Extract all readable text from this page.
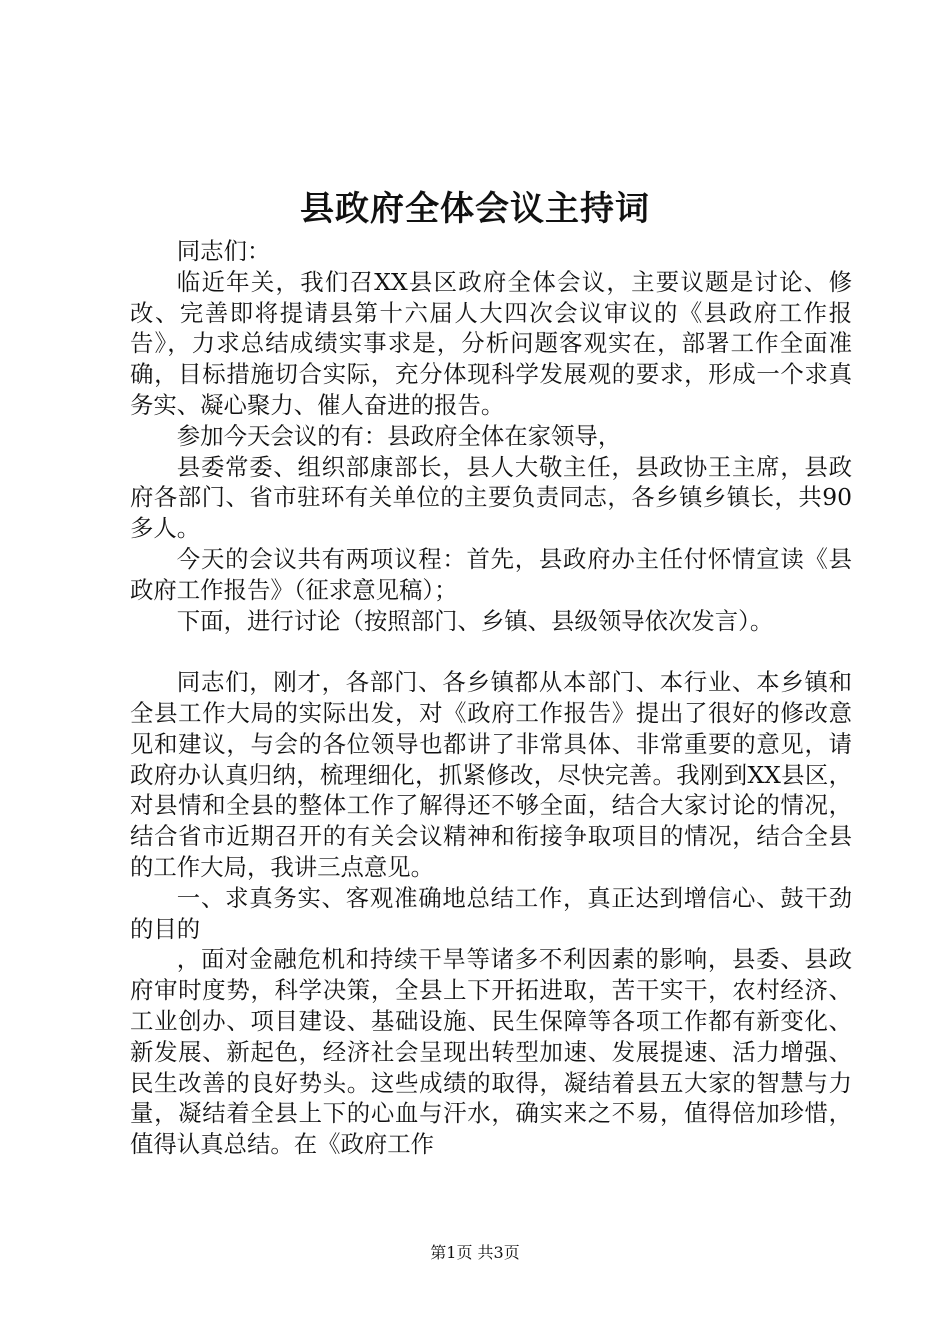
县政府全体会议主持词

同志们：

临近年关，我们召XX县区政府全体会议，主要议题是讨论、修改、完善即将提请县第十六届人大四次会议审议的《县政府工作报告》，力求总结成绩实事求是，分析问题客观实在，部署工作全面准确，目标措施切合实际，充分体现科学发展观的要求，形成一个求真务实、凝心聚力、催人奋进的报告。

参加今天会议的有：县政府全体在家领导，

县委常委、组织部康部长，县人大敬主任，县政协王主席，县政府各部门、省市驻环有关单位的主要负责同志，各乡镇乡镇长，共90多人。

今天的会议共有两项议程：首先，县政府办主任付怀情宣读《县政府工作报告》（征求意见稿）；

下面，进行讨论（按照部门、乡镇、县级领导依次发言）。

同志们，刚才，各部门、各乡镇都从本部门、本行业、本乡镇和全县工作大局的实际出发，对《政府工作报告》提出了很好的修改意见和建议，与会的各位领导也都讲了非常具体、非常重要的意见，请政府办认真归纳，梳理细化，抓紧修改，尽快完善。我刚到XX县区，对县情和全县的整体工作了解得还不够全面，结合大家讨论的情况，结合省市近期召开的有关会议精神和衔接争取项目的情况，结合全县的工作大局，我讲三点意见。

一、求真务实、客观准确地总结工作，真正达到增信心、鼓干劲的目的

，面对金融危机和持续干旱等诸多不利因素的影响，县委、县政府审时度势，科学决策，全县上下开拓进取，苦干实干，农村经济、工业创办、项目建设、基础设施、民生保障等各项工作都有新变化、新发展、新起色，经济社会呈现出转型加速、发展提速、活力增强、民生改善的良好势头。这些成绩的取得，凝结着县五大家的智慧与力量，凝结着全县上下的心血与汗水，确实来之不易，值得倍加珍惜，值得认真总结。在《政府工作

第1页 共3页
